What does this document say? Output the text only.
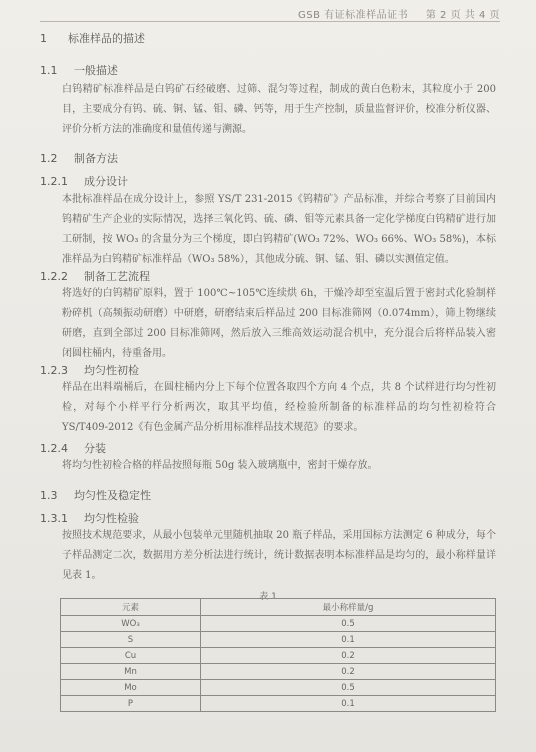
GSB 有证标准样品证书 第 2 页 共 4 页
1 标准样品的描述
1.1 一般描述
白钨精矿标准样品是白钨矿石经破磨、过筛、混匀等过程，制成的黄白色粉末，其粒度小于 200 目，主要成分有钨、硫、铜、锰、钼、磷、钙等，用于生产控制，质量监督评价，校准分析仪器、评价分析方法的准确度和量值传递与溯源。
1.2 制备方法
1.2.1 成分设计
本批标准样品在成分设计上，参照 YS/T 231-2015《钨精矿》产品标准，并综合考察了目前国内钨精矿生产企业的实际情况，选择三氧化钨、硫、磷、钼等元素具备一定化学梯度白钨精矿进行加工研制，按 WO₃ 的含量分为三个梯度，即白钨精矿(WO₃ 72%、WO₃ 66%、WO₃ 58%)，本标准样品为白钨精矿标准样品（WO₃ 58%），其他成分硫、铜、锰、钼、磷以实测值定值。
1.2.2 制备工艺流程
将选好的白钨精矿原料，置于 100℃~105℃连续烘 6h，干燥冷却至室温后置于密封式化验制样粉碎机（高频振动研磨）中研磨，研磨结束后样品过 200 目标准筛网（0.074mm），筛上物继续研磨，直到全部过 200 目标准筛网，然后放入三维高效运动混合机中，充分混合后将样品装入密闭圆柱桶内，待重备用。
1.2.3 均匀性初检
样品在出料端桶后，在圆柱桶内分上下每个位置各取四个方向 4 个点，共 8 个试样进行均匀性初检，对每个小样平行分析两次，取其平均值，经检验所制备的标准样品的均匀性初检符合 YS/T409-2012《有色金属产品分析用标准样品技术规范》的要求。
1.2.4 分装
将均匀性初检合格的样品按照每瓶 50g 装入玻璃瓶中，密封干燥存放。
1.3 均匀性及稳定性
1.3.1 均匀性检验
按照技术规范要求，从最小包装单元里随机抽取 20 瓶子样品，采用国标方法测定 6 种成分，每个子样品测定二次，数据用方差分析法进行统计，统计数据表明本标准样品是均匀的，最小称样量详见表 1。
表 1
元素	最小称样量/g
WO₃	0.5
S	0.1
Cu	0.2
Mn	0.2
Mo	0.5
P	0.1
